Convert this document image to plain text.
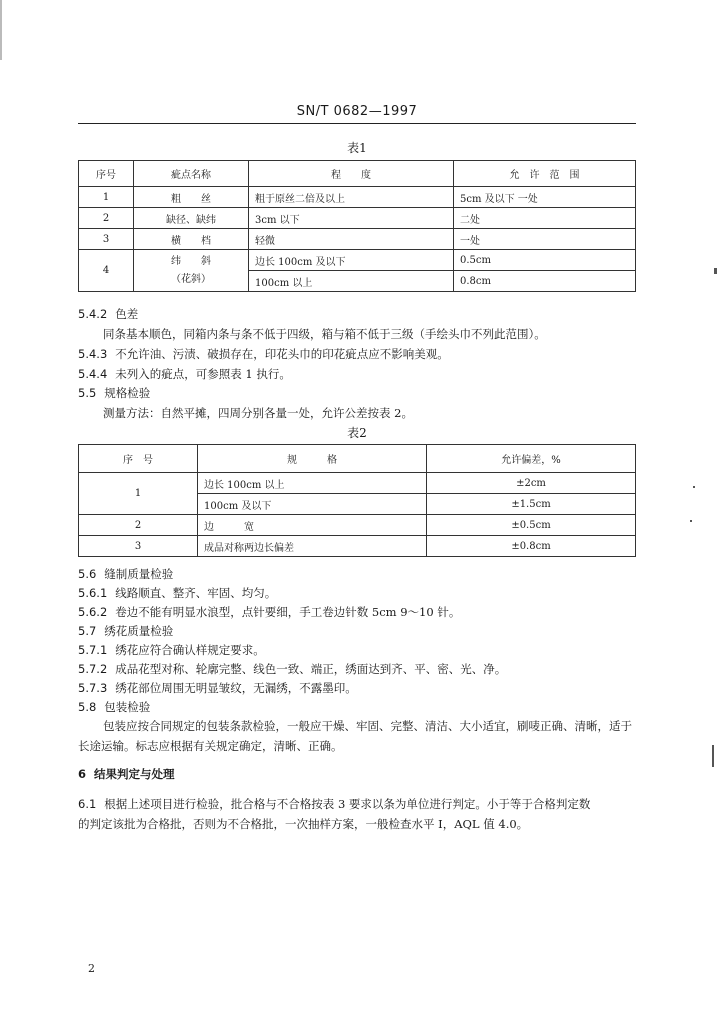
SN/T 0682—1997
表1
序号	疵点名称	程　　度	允　许　范　围
1	粗　　丝	粗于原丝二倍及以上	5cm 及以下 一处
2	缺径、缺纬	3cm 以下	二处
3	横　　档	轻微	一处
4	纬　　斜
（花斜）	边长 100cm 及以下	0.5cm
		100cm 以上	0.8cm
5.4.2 色差
同条基本顺色，同箱内条与条不低于四级，箱与箱不低于三级（手绘头巾不列此范围）。
5.4.3 不允许油、污渍、破损存在，印花头巾的印花疵点应不影响美观。
5.4.4 未列入的疵点，可参照表 1 执行。
5.5 规格检验
测量方法：自然平摊，四周分别各量一处，允许公差按表 2。
表2
序　号	规　　　格	允许偏差，%
1	边长 100cm 以上	±2cm
	100cm 及以下	±1.5cm
2	边　　　宽	±0.5cm
3	成品对称两边长偏差	±0.8cm
5.6 缝制质量检验
5.6.1 线路顺直、整齐、牢固、均匀。
5.6.2 卷边不能有明显水浪型，点针要细，手工卷边针数 5cm 9～10 针。
5.7 绣花质量检验
5.7.1 绣花应符合确认样规定要求。
5.7.2 成品花型对称、轮廓完整、线色一致、端正，绣面达到齐、平、密、光、净。
5.7.3 绣花部位周围无明显皱纹，无漏绣，不露墨印。
5.8 包装检验
包装应按合同规定的包装条款检验，一般应干燥、牢固、完整、清洁、大小适宜，刷唛正确、清晰，适于
长途运输。标志应根据有关规定确定，清晰、正确。
6 结果判定与处理
6.1 根据上述项目进行检验，批合格与不合格按表 3 要求以条为单位进行判定。小于等于合格判定数
的判定该批为合格批，否则为不合格批，一次抽样方案，一般检查水平 Ⅰ，AQL 值 4.0。
2
